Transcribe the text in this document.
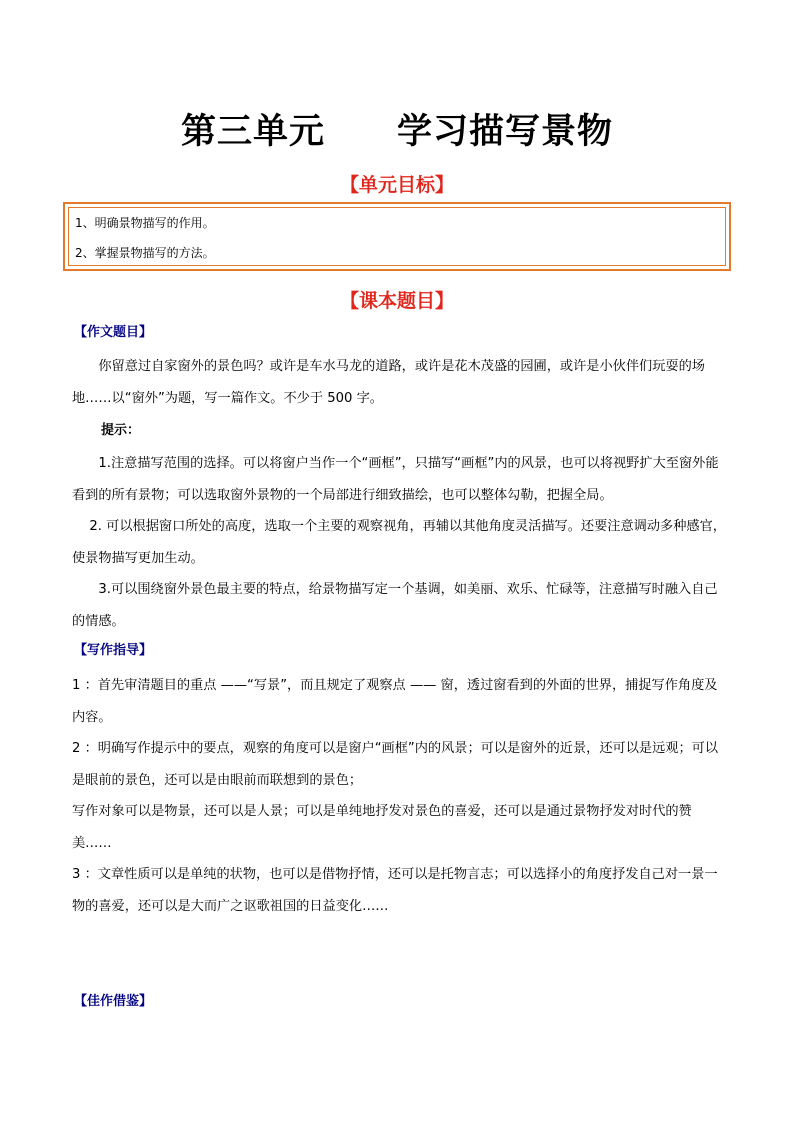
第三单元　　学习描写景物
【单元目标】
1、明确景物描写的作用。
2、掌握景物描写的方法。
【课本题目】
【作文题目】
　　你留意过自家窗外的景色吗？或许是车水马龙的道路，或许是花木茂盛的园圃，或许是小伙伴们玩耍的场地……以“窗外”为题，写一篇作文。不少于 500 字。
提示：
　　1.注意描写范围的选择。可以将窗户当作一个“画框”，只描写“画框”内的风景，也可以将视野扩大至窗外能看到的所有景物；可以选取窗外景物的一个局部进行细致描绘，也可以整体勾勒，把握全局。
　 2. 可以根据窗口所处的高度，选取一个主要的观察视角，再辅以其他角度灵活描写。还要注意调动多种感官，使景物描写更加生动。
　　3.可以围绕窗外景色最主要的特点，给景物描写定一个基调，如美丽、欢乐、忙碌等，注意描写时融入自己的情感。
【写作指导】
1 ：首先审清题目的重点 ——“写景”，而且规定了观察点 —— 窗，透过窗看到的外面的世界，捕捉写作角度及内容。
2 ：明确写作提示中的要点，观察的角度可以是窗户“画框”内的风景；可以是窗外的近景，还可以是远观；可以是眼前的景色，还可以是由眼前而联想到的景色；
写作对象可以是物景，还可以是人景；可以是单纯地抒发对景色的喜爱，还可以是通过景物抒发对时代的赞美……
3 ：文章性质可以是单纯的状物，也可以是借物抒情，还可以是托物言志；可以选择小的角度抒发自己对一景一物的喜爱，还可以是大而广之讴歌祖国的日益变化……
【佳作借鉴】
